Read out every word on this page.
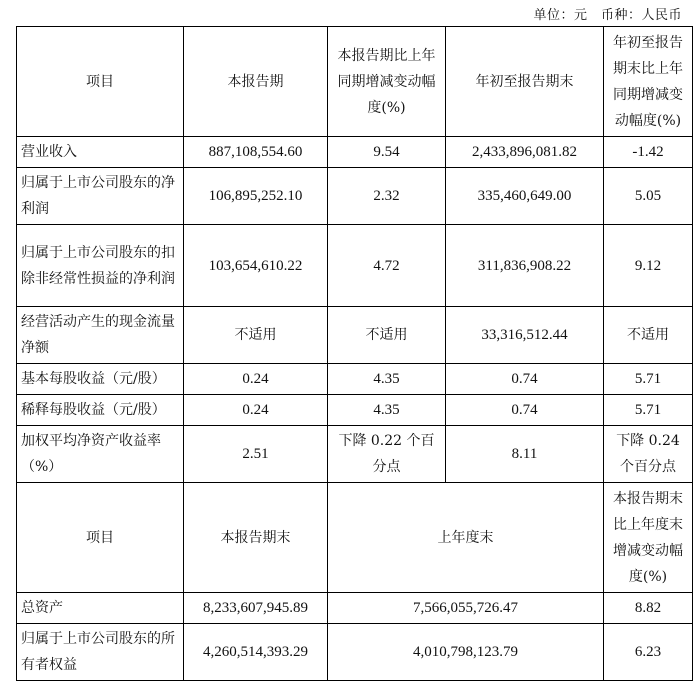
单位：元　币种：人民币
项目	本报告期	本报告期比上年同期增减变动幅度(%)	年初至报告期末	年初至报告期末比上年同期增减变动幅度(%)
营业收入	887,108,554.60	9.54	2,433,896,081.82	-1.42
归属于上市公司股东的净利润	106,895,252.10	2.32	335,460,649.00	5.05
归属于上市公司股东的扣除非经常性损益的净利润	103,654,610.22	4.72	311,836,908.22	9.12
经营活动产生的现金流量净额	不适用	不适用	33,316,512.44	不适用
基本每股收益（元/股）	0.24	4.35	0.74	5.71
稀释每股收益（元/股）	0.24	4.35	0.74	5.71
加权平均净资产收益率（%）	2.51	下降 0.22 个百分点	8.11	下降 0.24 个百分点
项目	本报告期末	上年度末		本报告期末比上年度末增减变动幅度(%)
总资产	8,233,607,945.89	7,566,055,726.47		8.82
归属于上市公司股东的所有者权益	4,260,514,393.29	4,010,798,123.79		6.23
